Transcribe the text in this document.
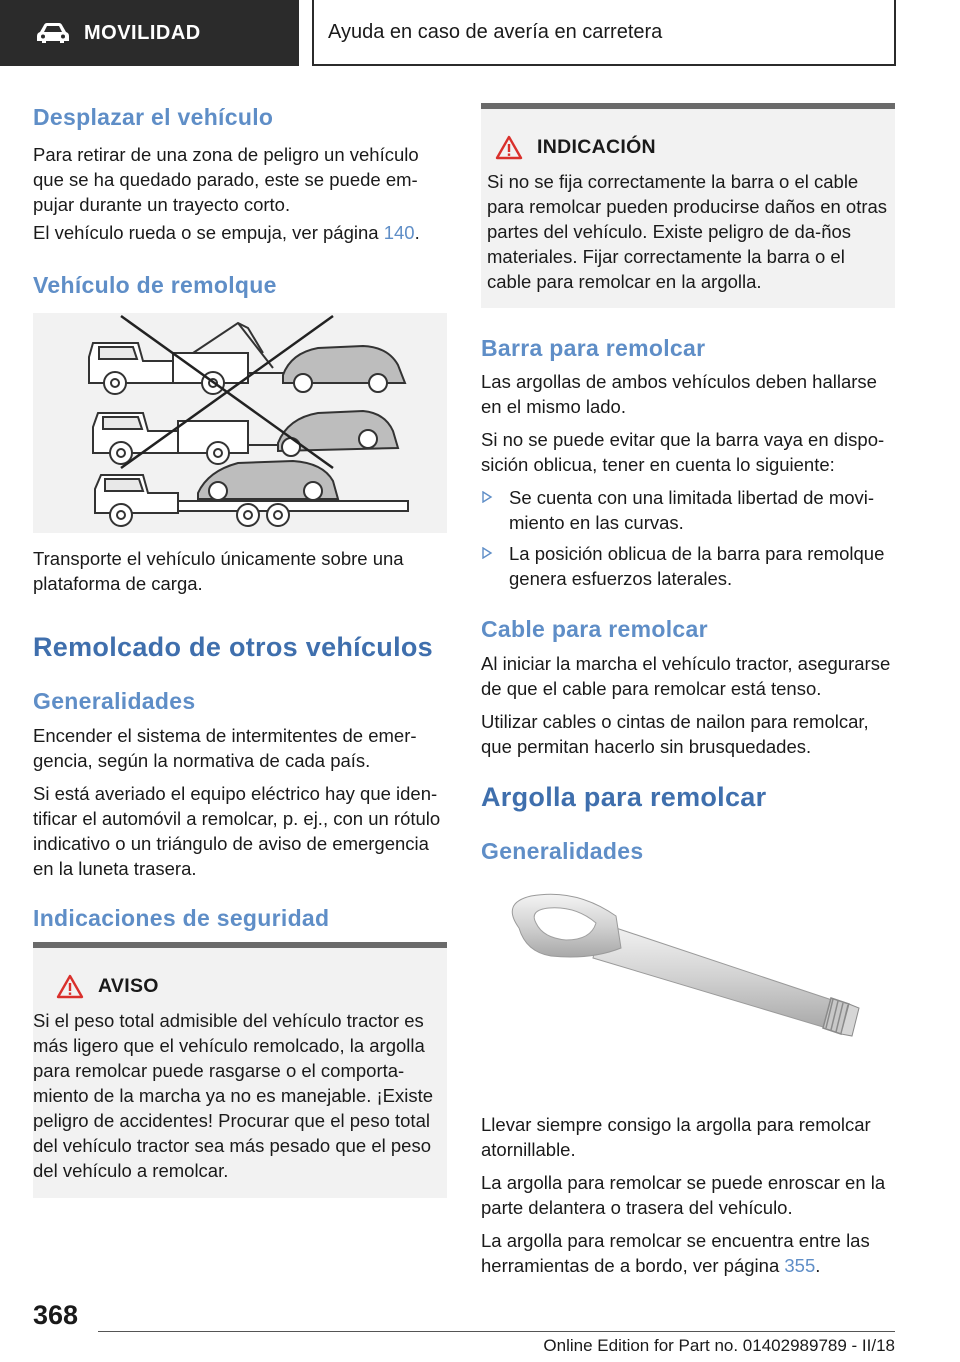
MOVILIDAD	Ayuda en caso de avería en carretera
Desplazar el vehículo
Para retirar de una zona de peligro un vehículo que se ha quedado parado, este se puede em-pujar durante un trayecto corto.
El vehículo rueda o se empuja, ver página 140.
Vehículo de remolque
Transporte el vehículo únicamente sobre una plataforma de carga.
Remolcado de otros vehículos
Generalidades
Encender el sistema de intermitentes de emer-gencia, según la normativa de cada país.
Si está averiado el equipo eléctrico hay que iden-tificar el automóvil a remolcar, p. ej., con un rótulo indicativo o un triángulo de aviso de emergencia en la luneta trasera.
Indicaciones de seguridad
AVISO
Si el peso total admisible del vehículo tractor es más ligero que el vehículo remolcado, la argolla para remolcar puede rasgarse o el comporta-miento de la marcha ya no es manejable. ¡Existe peligro de accidentes! Procurar que el peso total del vehículo tractor sea más pesado que el peso del vehículo a remolcar.
INDICACIÓN
Si no se fija correctamente la barra o el cable para remolcar pueden producirse daños en otras partes del vehículo. Existe peligro de da-ños materiales. Fijar correctamente la barra o el cable para remolcar en la argolla.
Barra para remolcar
Las argollas de ambos vehículos deben hallarse en el mismo lado.
Si no se puede evitar que la barra vaya en dispo-sición oblicua, tener en cuenta lo siguiente:
Se cuenta con una limitada libertad de movi-miento en las curvas.
La posición oblicua de la barra para remolque genera esfuerzos laterales.
Cable para remolcar
Al iniciar la marcha el vehículo tractor, asegurarse de que el cable para remolcar está tenso.
Utilizar cables o cintas de nailon para remolcar, que permitan hacerlo sin brusquedades.
Argolla para remolcar
Generalidades
Llevar siempre consigo la argolla para remolcar atornillable.
La argolla para remolcar se puede enroscar en la parte delantera o trasera del vehículo.
La argolla para remolcar se encuentra entre las herramientas de a bordo, ver página 355.
368
Online Edition for Part no. 01402989789 - II/18
